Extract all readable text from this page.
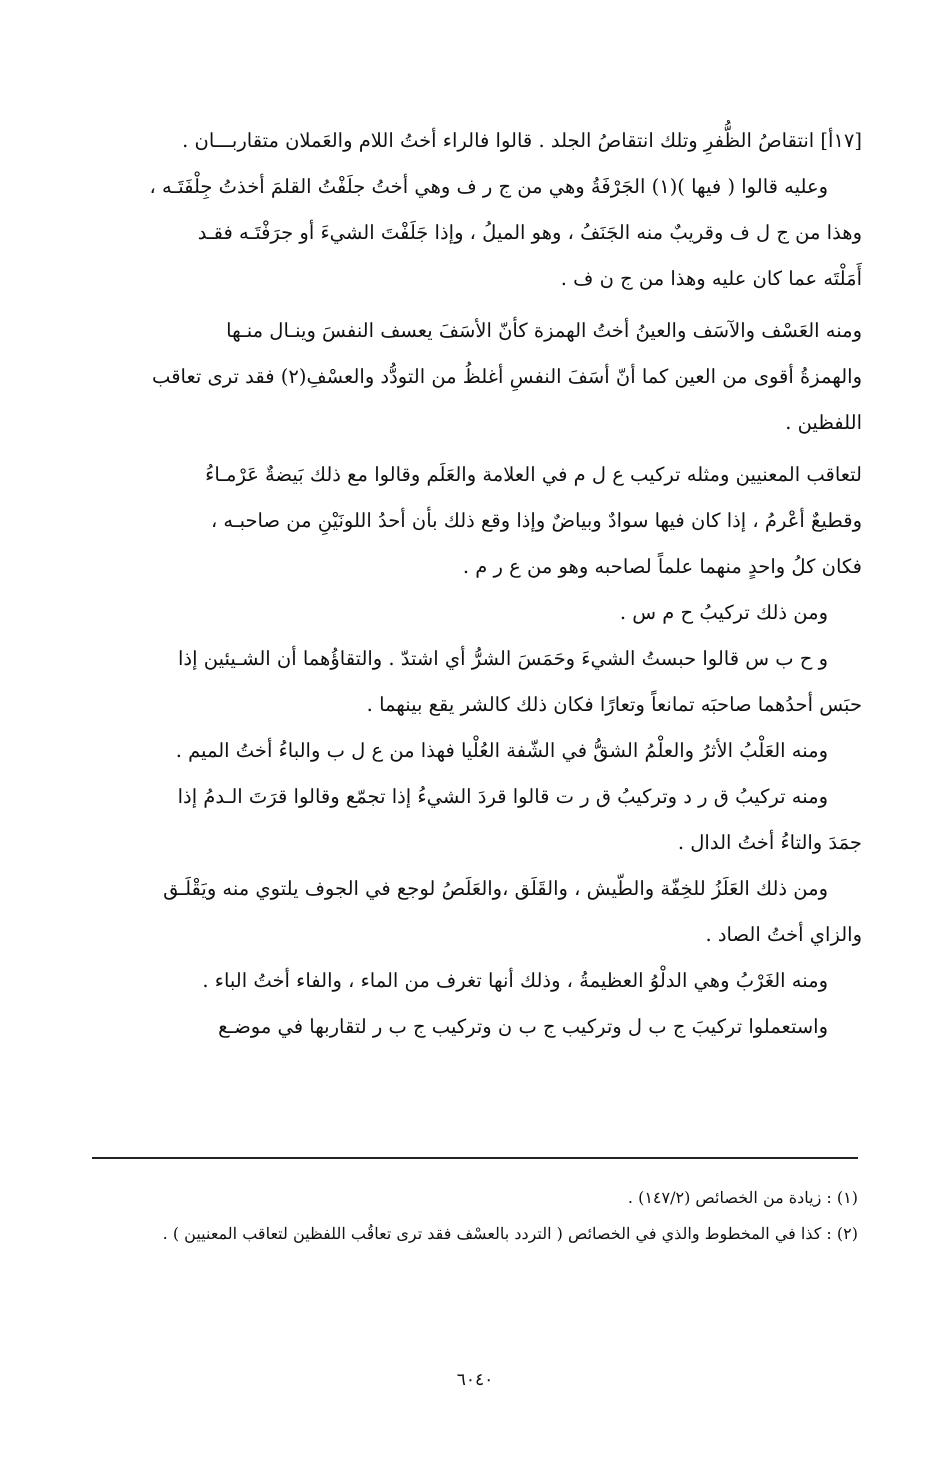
[١٧أ] انتقاصُ الظُّفرِ وتلك انتقاصُ الجلد . قالوا فالراء أختُ اللام والعَملان متقاربـــان .
وعليه قالوا ( فيها )(١) الجَرْفَةُ وهي من ج ر ف وهي أختُ جلَفْتُ القلمَ أخذتُ جِلْفَتَـه ،
وهذا من ج ل ف وقريبٌ منه الجَنَفُ ، وهو الميلُ ، وإذا جَلَفْتَ الشيءَ أو جرَفْتَـه فقـد
أَمَلْتَه عما كان عليه وهذا من ج ن ف .
ومنه العَسْف والآسَف والعينُ أختُ الهمزة كأنّ الأسَفَ يعسف النفسَ وينـال منـها
والهمزةُ أقوى من العين كما أنّ أسَفَ النفسِ أغلظُ من التودُّد والعسْفِ(٢) فقد ترى تعاقب
اللفظين .
لتعاقب المعنيين ومثله تركيب ع ل م في العلامة والعَلَم وقالوا مع ذلك بَيضةٌ عَرْمـاءُ
وقطيعٌ أعْرمُ ، إذا كان فيها سوادٌ وبياضٌ وإذا وقع ذلك بأن أحدُ اللونَيْنِ من صاحبـه ،
فكان كلُ واحدٍ منهما علماً لصاحبه وهو من ع ر م .
ومن ذلك تركيبُ ح م س .
و ح ب س قالوا حبستُ الشيءَ وحَمَسَ الشرُّ أي اشتدّ . والتقاؤُهما أن الشـيئين إذا
حبَس أحدُهما صاحبَه تمانعاً وتعارًا فكان ذلك كالشر يقع بينهما .
ومنه العَلْبُ الأثرُ والعلْمُ الشقُّ في الشّفة العُلْيا فهذا من ع ل ب والباءُ أختُ الميم .
ومنه تركيبُ ق ر د وتركيبُ ق ر ت قالوا قردَ الشيءُ إذا تجمّع وقالوا قرَتَ الـدمُ إذا
جمَدَ والتاءُ أختُ الدال .
ومن ذلك العَلَزُ للخِفّة والطّيش ، والقَلَق ،والعَلَصُ لوجع في الجوف يلتوي منه ويَقْلَـق
والزاي أختُ الصاد .
ومنه الغَرْبُ وهي الدلْوُ العظيمةُ ، وذلك أنها تغرف من الماء ، والفاء أختُ الباء .
واستعملوا تركيبَ ج ب ل وتركيب ج ب ن وتركيب ج ب ر لتقاربها في موضـع
(١) : زيادة من الخصائص (١٤٧/٢) .
(٢) : كذا في المخطوط والذي في الخصائص ( التردد بالعسْف فقد ترى تعاقُب اللفظين لتعاقب المعنيين ) .
٦٠٤٠
